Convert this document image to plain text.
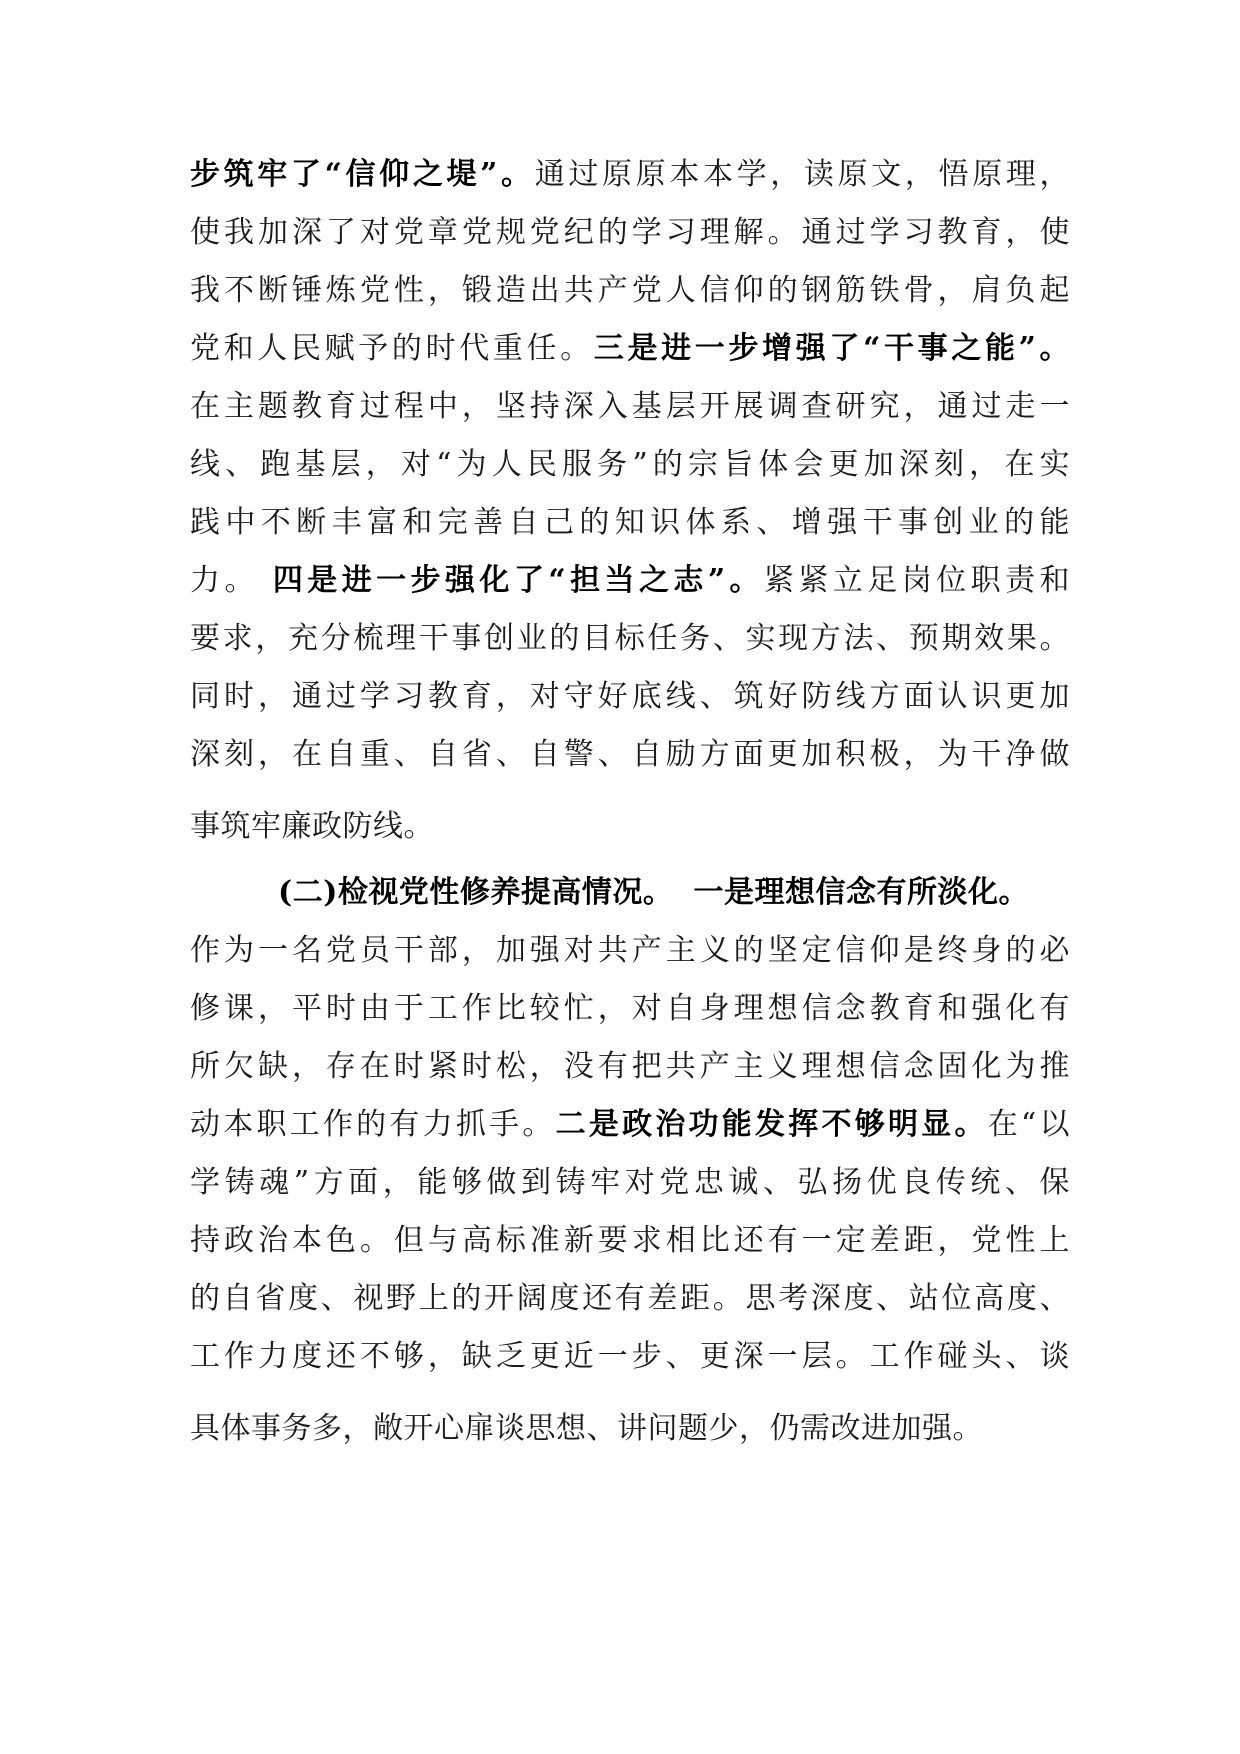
步筑牢了“信仰之堤”。通过原原本本学，读原文，悟原理，
使我加深了对党章党规党纪的学习理解。通过学习教育，使
我不断锤炼党性，锻造出共产党人信仰的钢筋铁骨，肩负起
党和人民赋予的时代重任。三是进一步增强了“干事之能”。
在主题教育过程中，坚持深入基层开展调查研究，通过走一
线、跑基层，对“为人民服务”的宗旨体会更加深刻，在实
践中不断丰富和完善自己的知识体系、增强干事创业的能
力。 四是进一步强化了“担当之志”。紧紧立足岗位职责和
要求，充分梳理干事创业的目标任务、实现方法、预期效果。
同时，通过学习教育，对守好底线、筑好防线方面认识更加
深刻，在自重、自省、自警、自励方面更加积极，为干净做
事筑牢廉政防线。
(二)检视党性修养提高情况。 一是理想信念有所淡化。
作为一名党员干部，加强对共产主义的坚定信仰是终身的必
修课，平时由于工作比较忙，对自身理想信念教育和强化有
所欠缺，存在时紧时松，没有把共产主义理想信念固化为推
动本职工作的有力抓手。二是政治功能发挥不够明显。在“以
学铸魂”方面，能够做到铸牢对党忠诚、弘扬优良传统、保
持政治本色。但与高标准新要求相比还有一定差距，党性上
的自省度、视野上的开阔度还有差距。思考深度、站位高度、
工作力度还不够，缺乏更近一步、更深一层。工作碰头、谈
具体事务多，敞开心扉谈思想、讲问题少，仍需改进加强。
